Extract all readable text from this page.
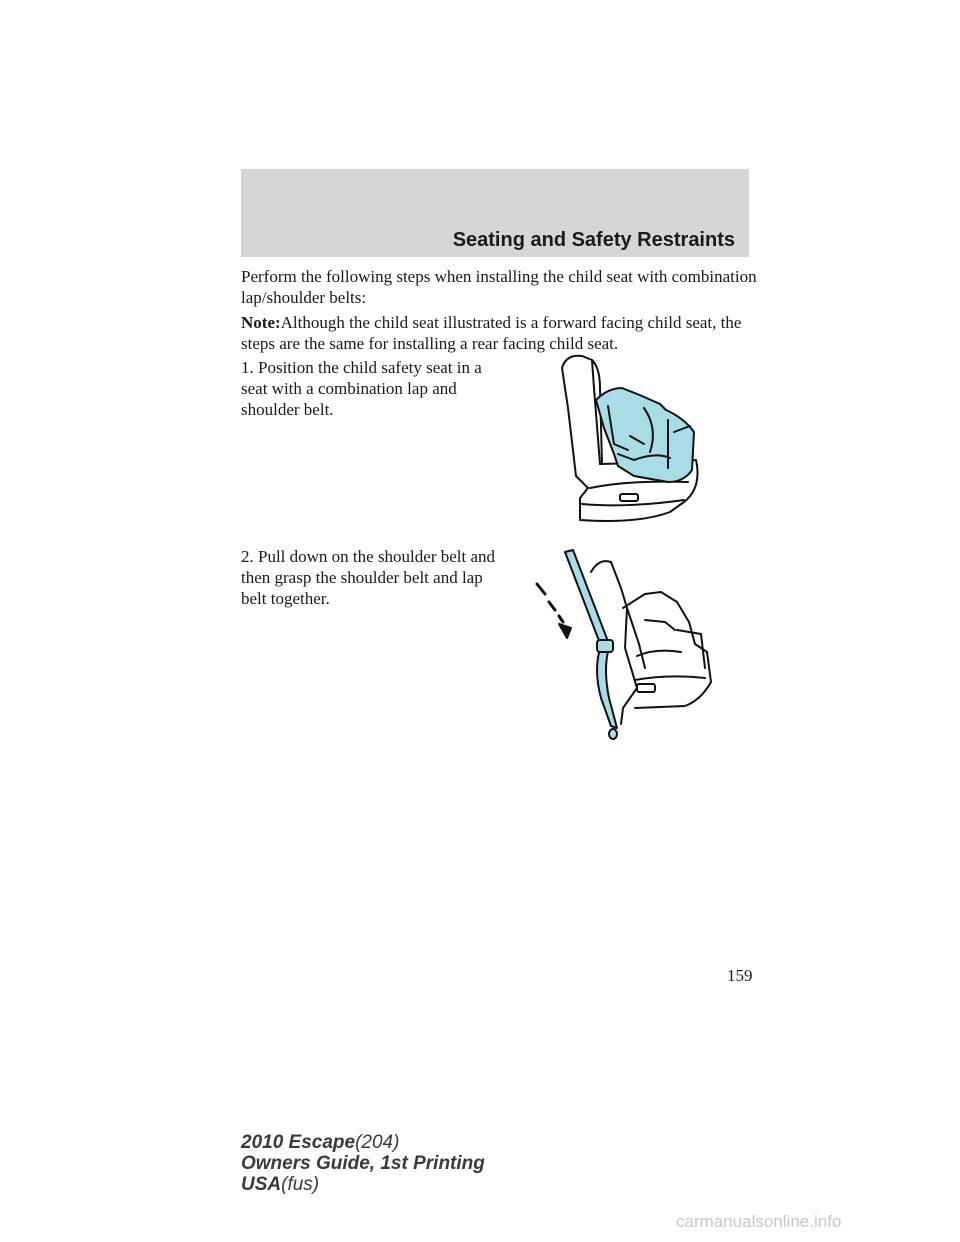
Seating and Safety Restraints

Perform the following steps when installing the child seat with combination lap/shoulder belts:

Note:Although the child seat illustrated is a forward facing child seat, the steps are the same for installing a rear facing child seat.

1. Position the child safety seat in a seat with a combination lap and shoulder belt.

2. Pull down on the shoulder belt and then grasp the shoulder belt and lap belt together.

159
2010 Escape(204)
Owners Guide, 1st Printing
USA(fus)
carmanualsonline.info
